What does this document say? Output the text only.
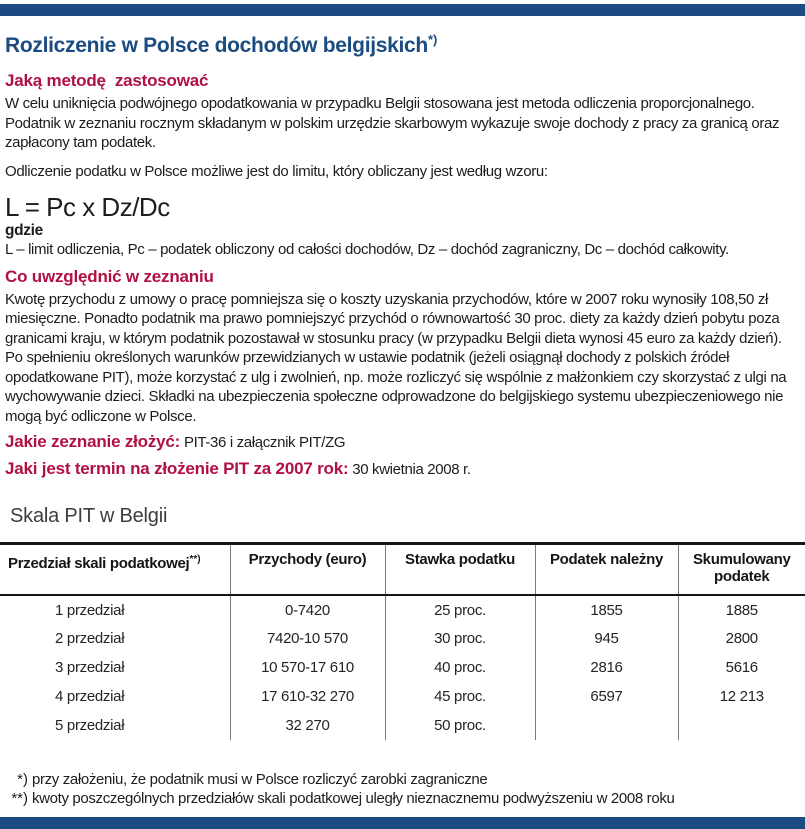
Rozliczenie w Polsce dochodów belgijskich*)
Jaką metodę  zastosować

W celu uniknięcia podwójnego opodatkowania w przypadku Belgii stosowana jest metoda odliczenia proporcjonalnego. Podatnik w zeznaniu rocznym składanym w polskim urzędzie skarbowym wykazuje swoje dochody z pracy za granicą oraz zapłacony tam podatek.

Odliczenie podatku w Polsce możliwe jest do limitu, który obliczany jest według wzoru:

L = Pc x Dz/Dc
gdzie

L – limit odliczenia, Pc – podatek obliczony od całości dochodów, Dz – dochód zagraniczny, Dc – dochód całkowity.

Co uwzględnić w zeznaniu

Kwotę przychodu z umowy o pracę pomniejsza się o koszty uzyskania przychodów, które w 2007 roku wynosiły 108,50 zł miesięczne. Ponadto podatnik ma prawo pomniejszyć przychód o równowartość 30 proc. diety za każdy dzień pobytu poza granicami kraju, w którym podatnik pozostawał w stosunku pracy (w przypadku Belgii dieta wynosi 45 euro za każdy dzień). Po spełnieniu określonych warunków przewidzianych w ustawie podatnik (jeżeli osiągnął dochody z polskich źródeł opodatkowane PIT), może korzystać z ulg i zwolnień, np. może rozliczyć się wspólnie z małżonkiem czy skorzystać z ulgi na wychowywanie dzieci. Składki na ubezpieczenia społeczne odprowadzone do belgijskiego systemu ubezpieczeniowego nie mogą być odliczone w Polsce.

Jakie zeznanie złożyć: PIT-36 i załącznik PIT/ZG

Jaki jest termin na złożenie PIT za 2007 rok: 30 kwietnia 2008 r.

Skala PIT w Belgii
Przedział skali podatkowej**)	Przychody (euro)	Stawka podatku	Podatek należny	Skumulowany podatek
1 przedział	0-7420	25 proc.	1855	1885
2 przedział	7420-10 570	30 proc.	945	2800
3 przedział	10 570-17 610	40 proc.	2816	5616
4 przedział	17 610-32 270	45 proc.	6597	12 213
5 przedział	32 270	50 proc.		
*) przy założeniu, że podatnik musi w Polsce rozliczyć zarobki zagraniczne
**) kwoty poszczególnych przedziałów skali podatkowej uległy nieznacznemu podwyższeniu w 2008 roku
